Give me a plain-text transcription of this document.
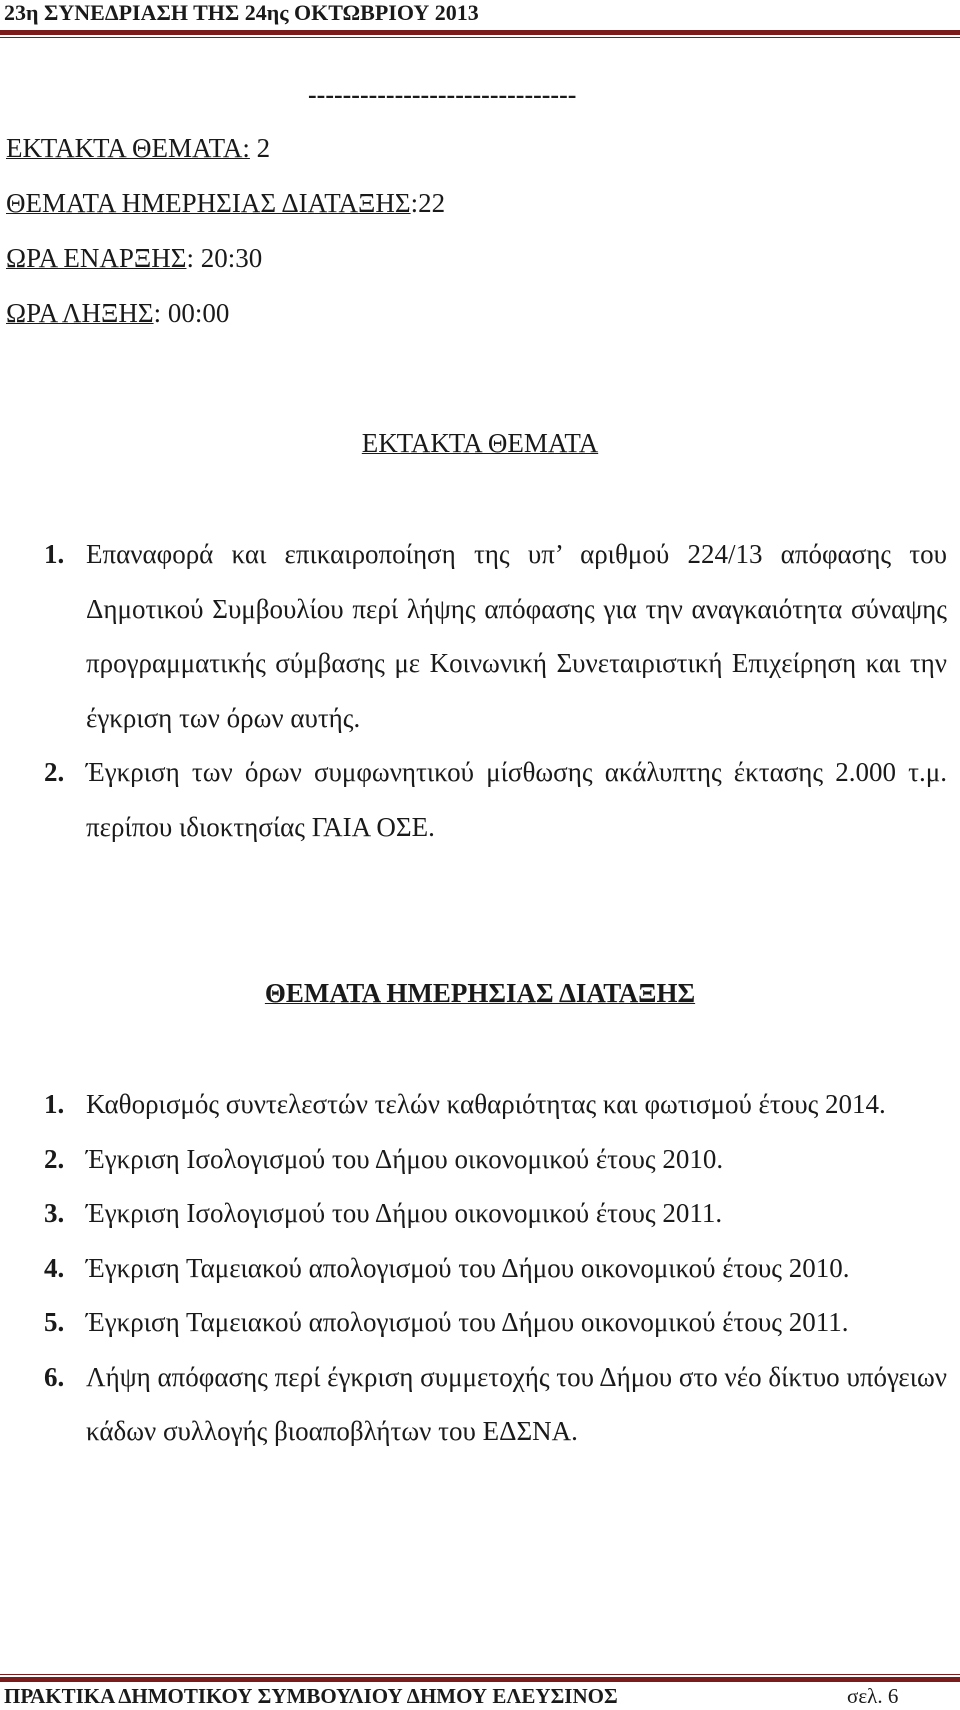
23η ΣΥΝΕΔΡΙΑΣΗ ΤΗΣ 24ης ΟΚΤΩΒΡΙΟΥ 2013
-------------------------------
ΕΚΤΑΚΤΑ ΘΕΜΑΤΑ: 2
ΘΕΜΑΤΑ ΗΜΕΡΗΣΙΑΣ ΔΙΑΤΑΞΗΣ:22
ΩΡΑ ΕΝΑΡΞΗΣ: 20:30
ΩΡΑ ΛΗΞΗΣ: 00:00
ΕΚΤΑΚΤΑ ΘΕΜΑΤΑ
1. Επαναφορά και επικαιροποίηση της υπ’ αριθμού 224/13 απόφασης του Δημοτικού Συμβουλίου περί λήψης απόφασης για την αναγκαιότητα σύναψης προγραμματικής σύμβασης με Κοινωνική Συνεταιριστική Επιχείρηση και την έγκριση των όρων αυτής.
2. Έγκριση των όρων συμφωνητικού μίσθωσης ακάλυπτης έκτασης 2.000 τ.μ. περίπου ιδιοκτησίας ΓΑΙΑ ΟΣΕ.
ΘΕΜΑΤΑ ΗΜΕΡΗΣΙΑΣ ΔΙΑΤΑΞΗΣ
1. Καθορισμός συντελεστών τελών καθαριότητας και φωτισμού έτους 2014.
2. Έγκριση Ισολογισμού του Δήμου οικονομικού έτους 2010.
3. Έγκριση Ισολογισμού του Δήμου οικονομικού έτους 2011.
4. Έγκριση Ταμειακού απολογισμού του Δήμου οικονομικού έτους 2010.
5. Έγκριση Ταμειακού απολογισμού του Δήμου οικονομικού έτους 2011.
6. Λήψη απόφασης περί έγκριση συμμετοχής του Δήμου στο νέο δίκτυο υπόγειων κάδων συλλογής βιοαποβλήτων του ΕΔΣΝΑ.
ΠΡΑΚΤΙΚΑ ΔΗΜΟΤΙΚΟΥ ΣΥΜΒΟΥΛΙΟΥ ΔΗΜΟΥ ΕΛΕΥΣΙΝΟΣ	σελ. 6
